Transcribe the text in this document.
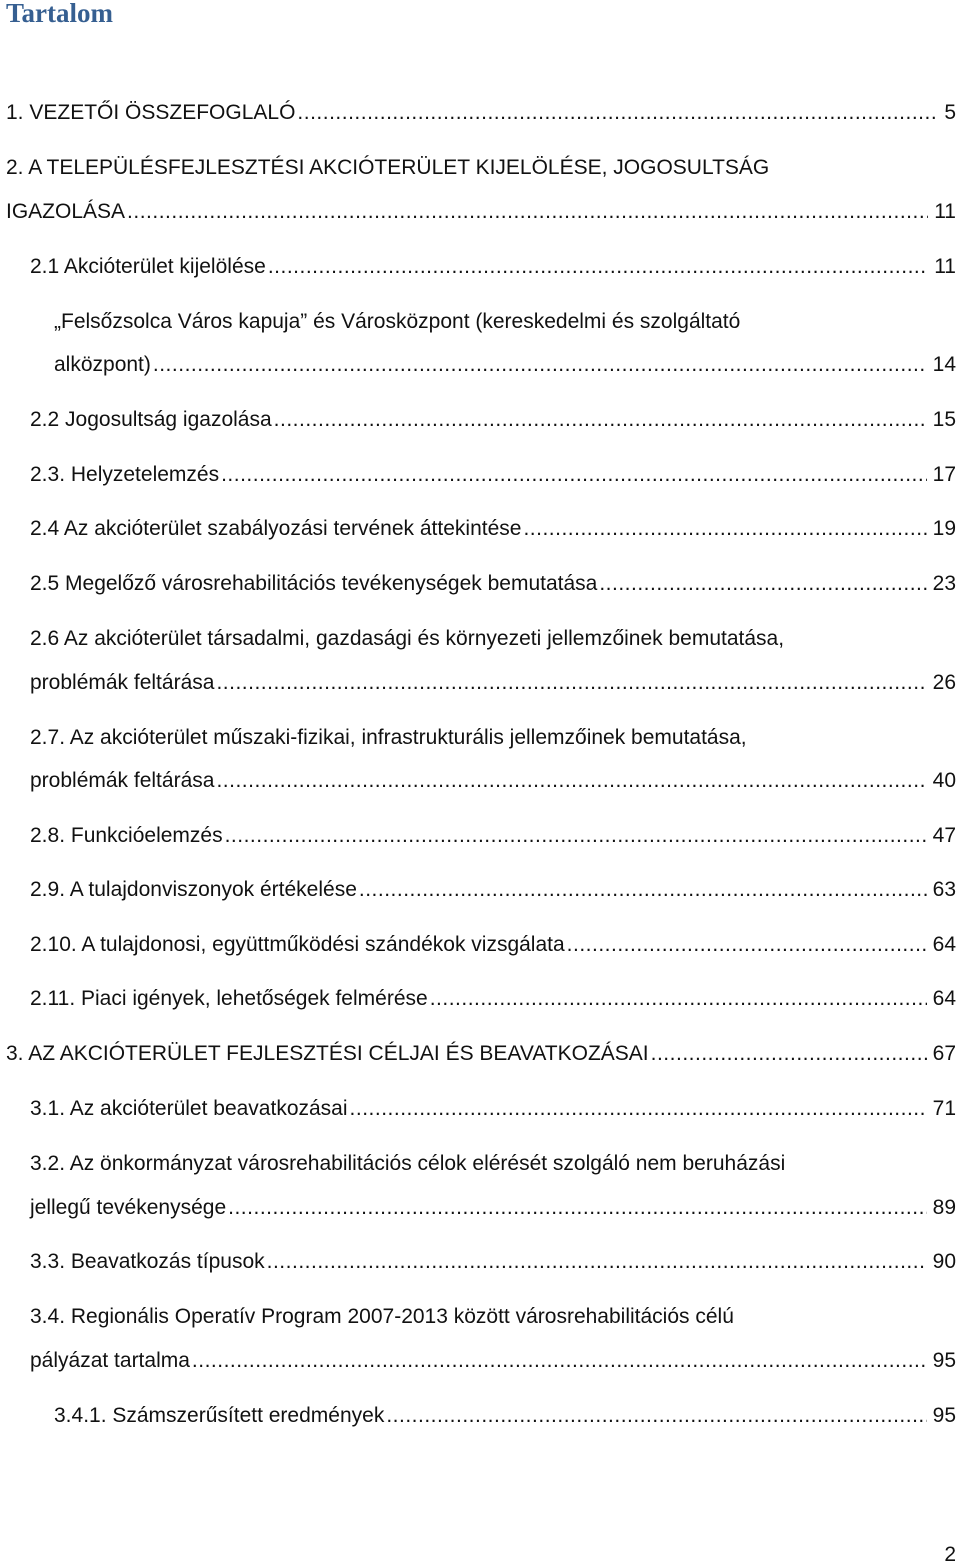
Tartalom
1. VEZETŐI ÖSSZEFOGLALÓ .....	5
2. A TELEPÜLÉSFEJLESZTÉSI AKCIÓTERÜLET KIJELÖLÉSE, JOGOSULTSÁG
IGAZOLÁSA .....	11
2.1 Akcióterület kijelölése .....	11
„Felsőzsolca Város kapuja” és Városközpont (kereskedelmi és szolgáltató
alközpont) .....	14
2.2 Jogosultság igazolása .....	15
2.3. Helyzetelemzés .....	17
2.4 Az akcióterület szabályozási tervének áttekintése .....	19
2.5 Megelőző városrehabilitációs tevékenységek bemutatása .....	23
2.6 Az akcióterület társadalmi, gazdasági és környezeti jellemzőinek bemutatása,
problémák feltárása .....	26
2.7. Az akcióterület műszaki-fizikai, infrastrukturális jellemzőinek bemutatása,
problémák feltárása .....	40
2.8. Funkcióelemzés .....	47
2.9. A tulajdonviszonyok értékelése .....	63
2.10. A tulajdonosi, együttműködési szándékok vizsgálata .....	64
2.11. Piaci igények, lehetőségek felmérése .....	64
3. AZ AKCIÓTERÜLET FEJLESZTÉSI CÉLJAI ÉS BEAVATKOZÁSAI .....	67
3.1. Az akcióterület beavatkozásai .....	71
3.2. Az önkormányzat városrehabilitációs célok elérését szolgáló nem beruházási
jellegű tevékenysége .....	89
3.3. Beavatkozás típusok .....	90
3.4. Regionális Operatív Program 2007-2013 között városrehabilitációs célú
pályázat tartalma .....	95
3.4.1. Számszerűsített eredmények .....	95
2
